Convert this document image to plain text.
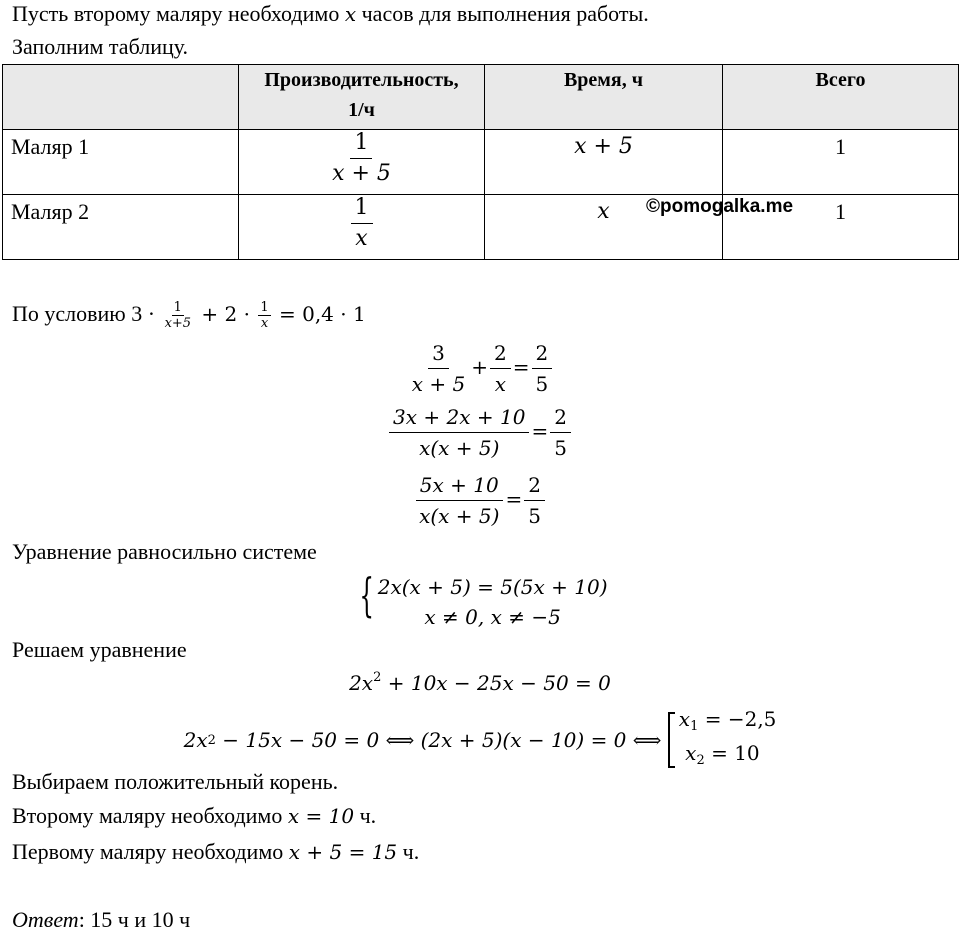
Пусть второму маляру необходимо x часов для выполнения работы.
Заполним таблицу.

	Производительность,
1/ч	Время, ч	Всего
Маляр 1	$\frac{1}{x + 5}$	x + 5	1
Маляр 2	$\frac{1}{x}$	x	1
©pomogalka.me
По условию $3 \cdot \frac{1}{x+5} + 2 \cdot \frac{1}{x} = 0,4 \cdot 1$
$\frac{3}{x + 5} + \frac{2}{x} = \frac{2}{5}$
$\frac{3x + 2x + 10}{x(x + 5)} = \frac{2}{5}$
$\frac{5x + 10}{x(x + 5)} = \frac{2}{5}$
Уравнение равносильно системе
{ 2x(x + 5) = 5(5x + 10)
x ≠ 0, x ≠ −5
Решаем уравнение
$2x^2 + 10x - 25x - 50 = 0$
2x 2 − 15x − 50 = 0 ⟺ (2x + 5)(x − 10) = 0 ⟺
$x_1 = -2,5$
$x_2 = 10$
Выбираем положительный корень.
Второму маляру необходимо x = 10 ч.
Первому маляру необходимо x + 5 = 15 ч.
Ответ: 15 ч и 10 ч
